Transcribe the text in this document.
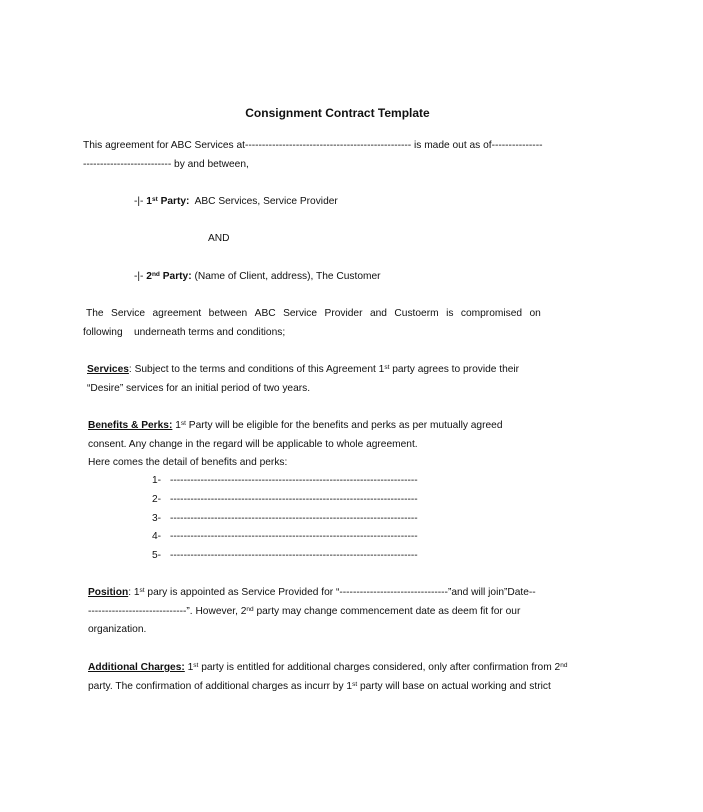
Consignment Contract Template
This agreement for ABC Services at------------------------------------------------- is made out as of---------------
-------------------------- by and between,
-|- 1st Party: ABC Services, Service Provider
AND
-|- 2nd Party: (Name of Client, address), The Customer
The Service agreement between ABC Service Provider and Custoerm is compromised on
following    underneath terms and conditions;
Services: Subject to the terms and conditions of this Agreement 1st party agrees to provide their
“Desire” services for an initial period of two years.
Benefits & Perks: 1st Party will be eligible for the benefits and perks as per mutually agreed
consent. Any change in the regard will be applicable to whole agreement.
Here comes the detail of benefits and perks:
1- -------------------------------------------------------------------------
2- -------------------------------------------------------------------------
3- -------------------------------------------------------------------------
4- -------------------------------------------------------------------------
5- -------------------------------------------------------------------------
Position: 1st pary is appointed as Service Provided for “--------------------------------”and will join”Date--
-----------------------------”. However, 2nd party may change commencement date as deem fit for our
organization.
Additional Charges: 1st party is entitled for additional charges considered, only after confirmation from 2nd
party. The confirmation of additional charges as incurr by 1st party will base on actual working and strict
